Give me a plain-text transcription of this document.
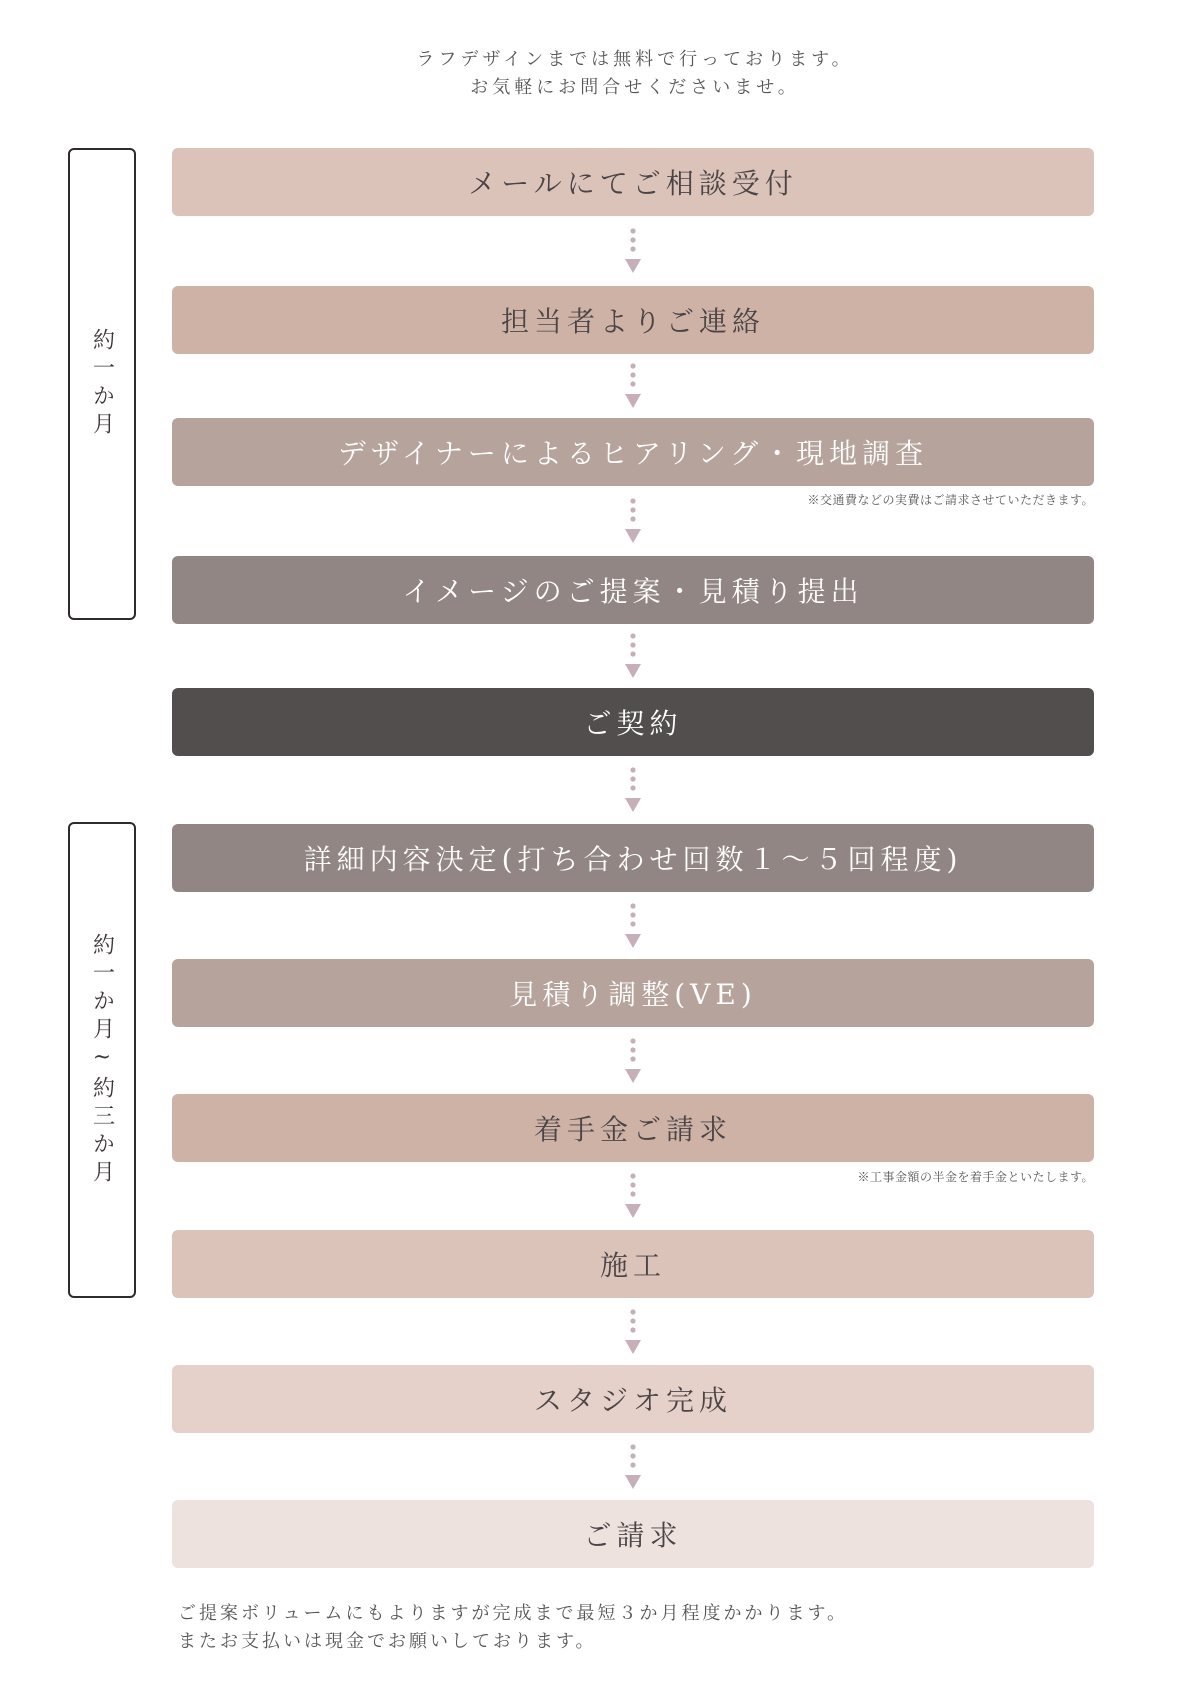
ラフデザインまでは無料で行っております。
お気軽にお問合せくださいませ。
約一か月
約一か月~約三か月
メールにてご相談受付
担当者よりご連絡
デザイナーによるヒアリング・現地調査
※交通費などの実費はご請求させていただきます。
イメージのご提案・見積り提出
ご契約
詳細内容決定(打ち合わせ回数１～５回程度)
見積り調整(VE)
着手金ご請求
※工事金額の半金を着手金といたします。
施工
スタジオ完成
ご請求
ご提案ボリュームにもよりますが完成まで最短３か月程度かかります。
またお支払いは現金でお願いしております。
